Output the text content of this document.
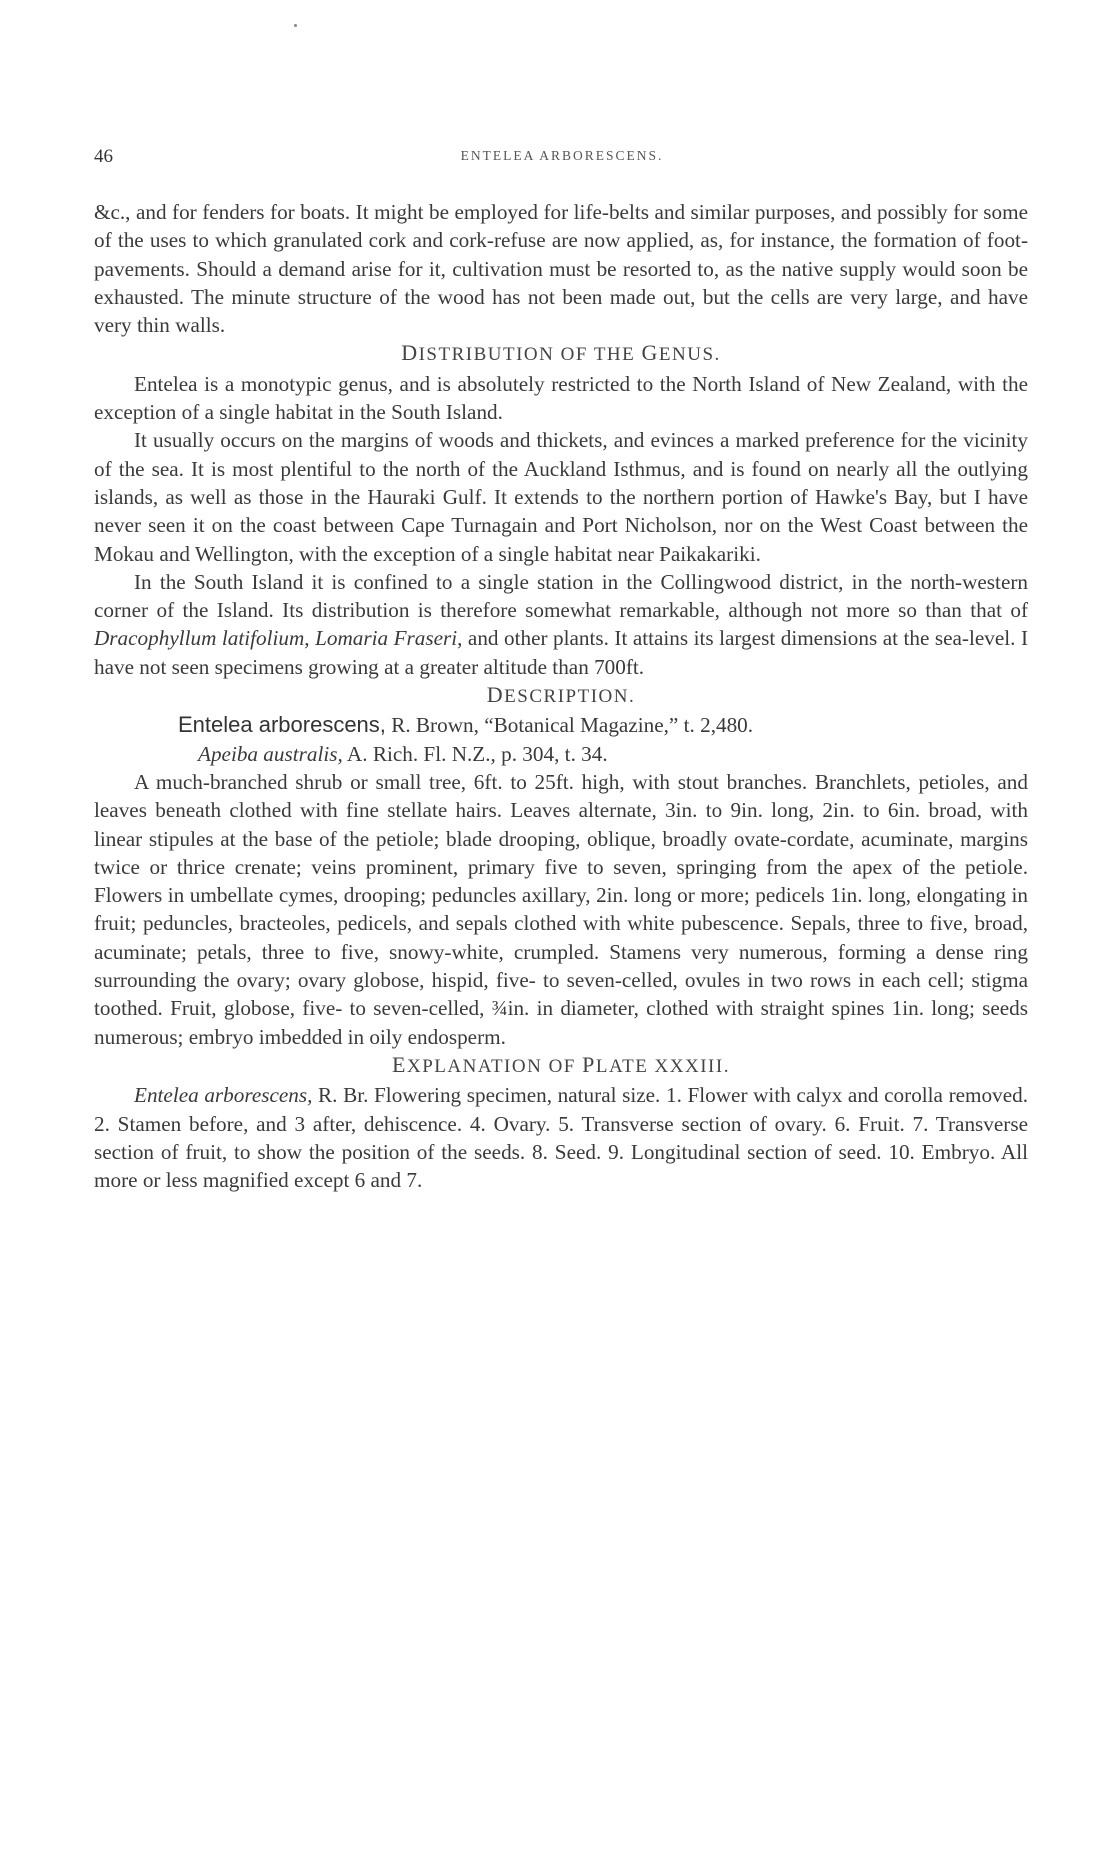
46	ENTELEA ARBORESCENS.

&c., and for fenders for boats. It might be employed for life-belts and similar purposes, and possibly for some of the uses to which granulated cork and cork-refuse are now applied, as, for instance, the formation of foot-pavements. Should a demand arise for it, cultivation must be resorted to, as the native supply would soon be exhausted. The minute structure of the wood has not been made out, but the cells are very large, and have very thin walls.

DISTRIBUTION OF THE GENUS.

Entelea is a monotypic genus, and is absolutely restricted to the North Island of New Zealand, with the exception of a single habitat in the South Island.

It usually occurs on the margins of woods and thickets, and evinces a marked preference for the vicinity of the sea. It is most plentiful to the north of the Auckland Isthmus, and is found on nearly all the outlying islands, as well as those in the Hauraki Gulf. It extends to the northern portion of Hawke's Bay, but I have never seen it on the coast between Cape Turnagain and Port Nicholson, nor on the West Coast between the Mokau and Wellington, with the exception of a single habitat near Paikakariki.

In the South Island it is confined to a single station in the Collingwood district, in the north-western corner of the Island. Its distribution is therefore somewhat remarkable, although not more so than that of Dracophyllum latifolium, Lomaria Fraseri, and other plants. It attains its largest dimensions at the sea-level. I have not seen specimens growing at a greater altitude than 700ft.

DESCRIPTION.

Entelea arborescens, R. Brown, “Botanical Magazine,” t. 2,480.

Apeiba australis, A. Rich. Fl. N.Z., p. 304, t. 34.

A much-branched shrub or small tree, 6ft. to 25ft. high, with stout branches. Branchlets, petioles, and leaves beneath clothed with fine stellate hairs. Leaves alternate, 3in. to 9in. long, 2in. to 6in. broad, with linear stipules at the base of the petiole; blade drooping, oblique, broadly ovate-cordate, acuminate, margins twice or thrice crenate; veins prominent, primary five to seven, springing from the apex of the petiole. Flowers in umbellate cymes, drooping; peduncles axillary, 2in. long or more; pedicels 1in. long, elongating in fruit; peduncles, bracteoles, pedicels, and sepals clothed with white pubescence. Sepals, three to five, broad, acuminate; petals, three to five, snowy-white, crumpled. Stamens very numerous, forming a dense ring surrounding the ovary; ovary globose, hispid, five- to seven-celled, ovules in two rows in each cell; stigma toothed. Fruit, globose, five- to seven-celled, ¾in. in diameter, clothed with straight spines 1in. long; seeds numerous; embryo imbedded in oily endosperm.

EXPLANATION OF PLATE XXXIII.

Entelea arborescens, R. Br. Flowering specimen, natural size. 1. Flower with calyx and corolla removed. 2. Stamen before, and 3 after, dehiscence. 4. Ovary. 5. Transverse section of ovary. 6. Fruit. 7. Transverse section of fruit, to show the position of the seeds. 8. Seed. 9. Longitudinal section of seed. 10. Embryo. All more or less magnified except 6 and 7.
